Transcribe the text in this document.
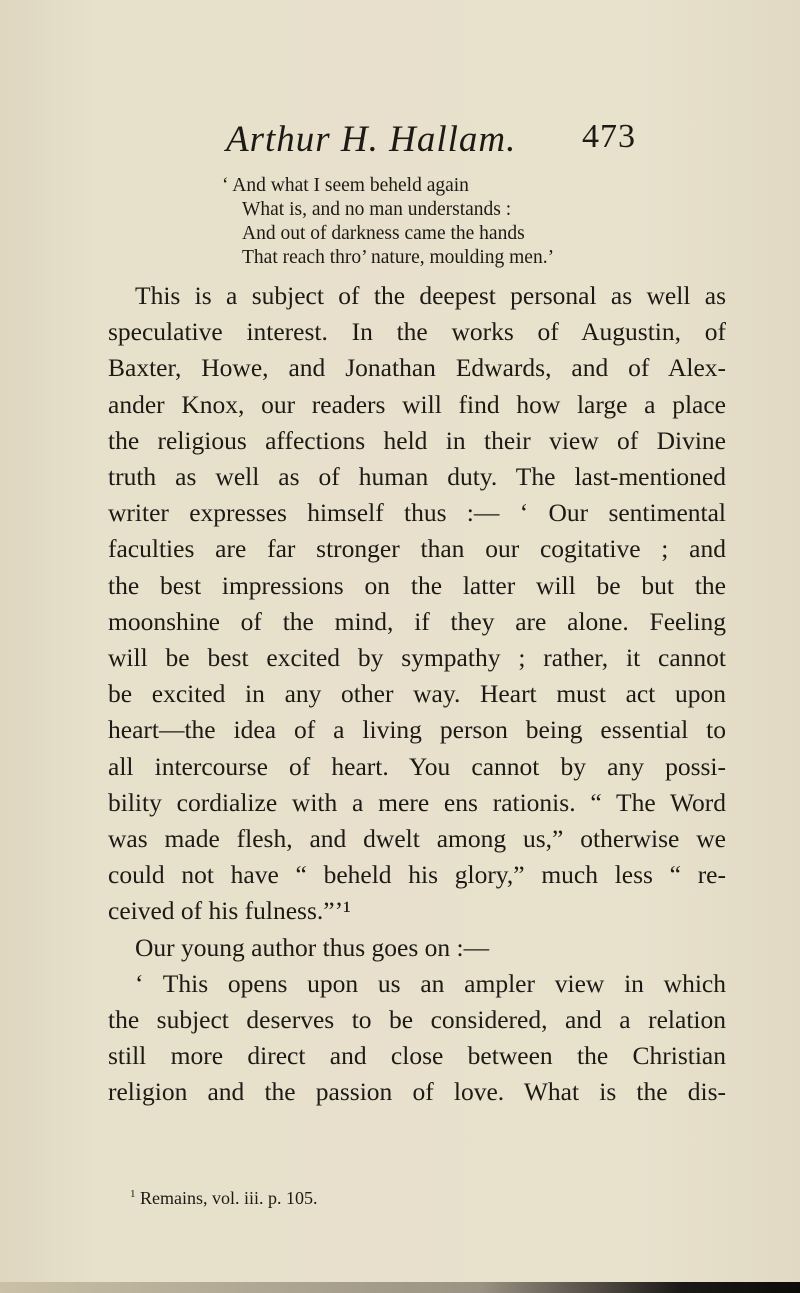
Arthur H. Hallam. 473
‘ And what I seem beheld again
What is, and no man understands :
And out of darkness came the hands
That reach thro’ nature, moulding men.’
This is a subject of the deepest personal as well as
speculative interest. In the works of Augustin, of
Baxter, Howe, and Jonathan Edwards, and of Alex-
ander Knox, our readers will find how large a place
the religious affections held in their view of Divine
truth as well as of human duty. The last-mentioned
writer expresses himself thus :— ‘ Our sentimental
faculties are far stronger than our cogitative ; and
the best impressions on the latter will be but the
moonshine of the mind, if they are alone. Feeling
will be best excited by sympathy ; rather, it cannot
be excited in any other way. Heart must act upon
heart—the idea of a living person being essential to
all intercourse of heart. You cannot by any possi-
bility cordialize with a mere ens rationis. “ The Word
was made flesh, and dwelt among us,” otherwise we
could not have “ beheld his glory,” much less “ re-
ceived of his fulness.”’¹
Our young author thus goes on :—
‘ This opens upon us an ampler view in which
the subject deserves to be considered, and a relation
still more direct and close between the Christian
religion and the passion of love. What is the dis-
$^1$ Remains, vol. iii. p. 105.
